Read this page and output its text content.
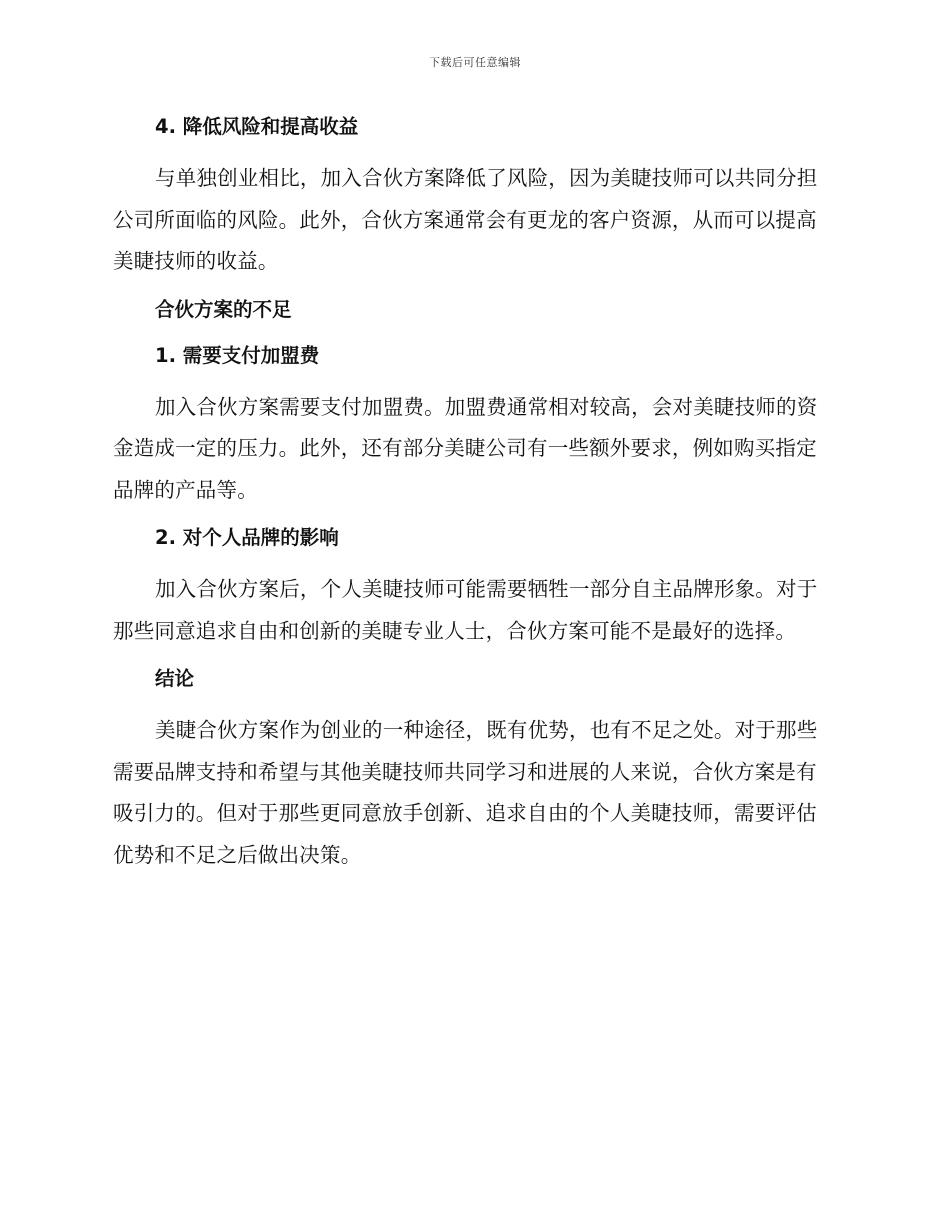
下载后可任意编辑
4. 降低风险和提高收益

与单独创业相比，加入合伙方案降低了风险，因为美睫技师可以共同分担公司所面临的风险。此外，合伙方案通常会有更龙的客户资源，从而可以提高美睫技师的收益。

合伙方案的不足
1. 需要支付加盟费

加入合伙方案需要支付加盟费。加盟费通常相对较高，会对美睫技师的资金造成一定的压力。此外，还有部分美睫公司有一些额外要求，例如购买指定品牌的产品等。

2. 对个人品牌的影响

加入合伙方案后，个人美睫技师可能需要牺牲一部分自主品牌形象。对于那些同意追求自由和创新的美睫专业人士，合伙方案可能不是最好的选择。

结论

美睫合伙方案作为创业的一种途径，既有优势，也有不足之处。对于那些需要品牌支持和希望与其他美睫技师共同学习和进展的人来说，合伙方案是有吸引力的。但对于那些更同意放手创新、追求自由的个人美睫技师，需要评估优势和不足之后做出决策。
